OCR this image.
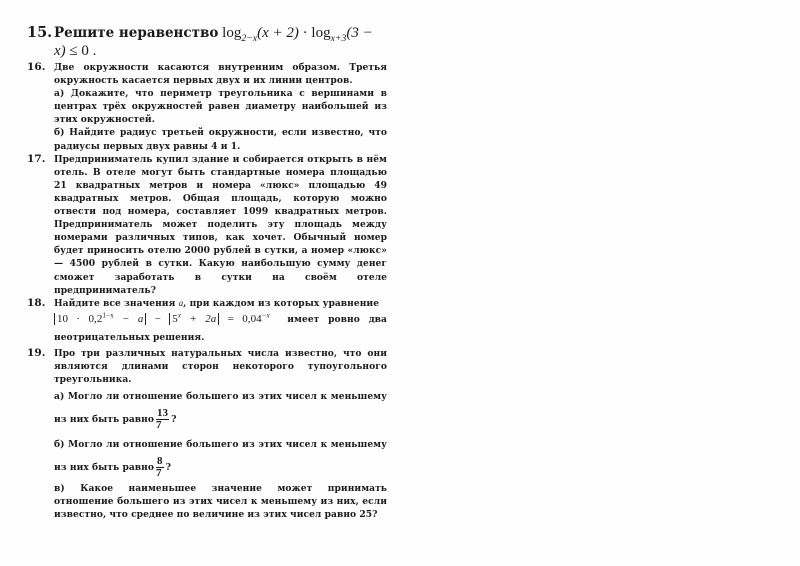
15. Решите неравенство $\log_{2-x}(x + 2) \cdot \log_{x+3}(3 - x) \le 0$ .
16. Две окружности касаются внутренним образом. Третья окружность касается первых двух и их линии центров.
а) Докажите, что периметр треугольника с вершинами в центрах трёх окружностей равен диаметру наибольшей из этих окружностей.
б) Найдите радиус третьей окружности, если известно, что радиусы первых двух равны 4 и 1.
17. Предприниматель купил здание и собирается открыть в нём отель. В отеле могут быть стандартные номера площадью 21 квадратных метров и номера «люкс» площадью 49 квадратных метров. Общая площадь, которую можно отвести под номера, составляет 1099 квадратных метров. Предприниматель может поделить эту площадь между номерами различных типов, как хочет. Обычный номер будет приносить отелю 2000 рублей в сутки, а номер «люкс» — 4500 рублей в сутки. Какую наибольшую сумму денег сможет заработать в сутки на своём отеле предприниматель?
18. Найдите все значения a, при каждом из которых уравнение
$10 \cdot 0,2^{1-x} - a - 5^x + 2a = 0,04^{-x}$ имеет ровно два неотрицательных решения.
19. Про три различных натуральных числа известно, что они являются длинами сторон некоторого тупоугольного треугольника.
а) Могло ли отношение большего из этих чисел к меньшему из них быть равно $\frac{13}{7}$ ?
б) Могло ли отношение большего из этих чисел к меньшему из них быть равно $\frac{8}{7}$ ?
в) Какое наименьшее значение может принимать отношение большего из этих чисел к меньшему из них, если известно, что среднее по величине из этих чисел равно 25?
